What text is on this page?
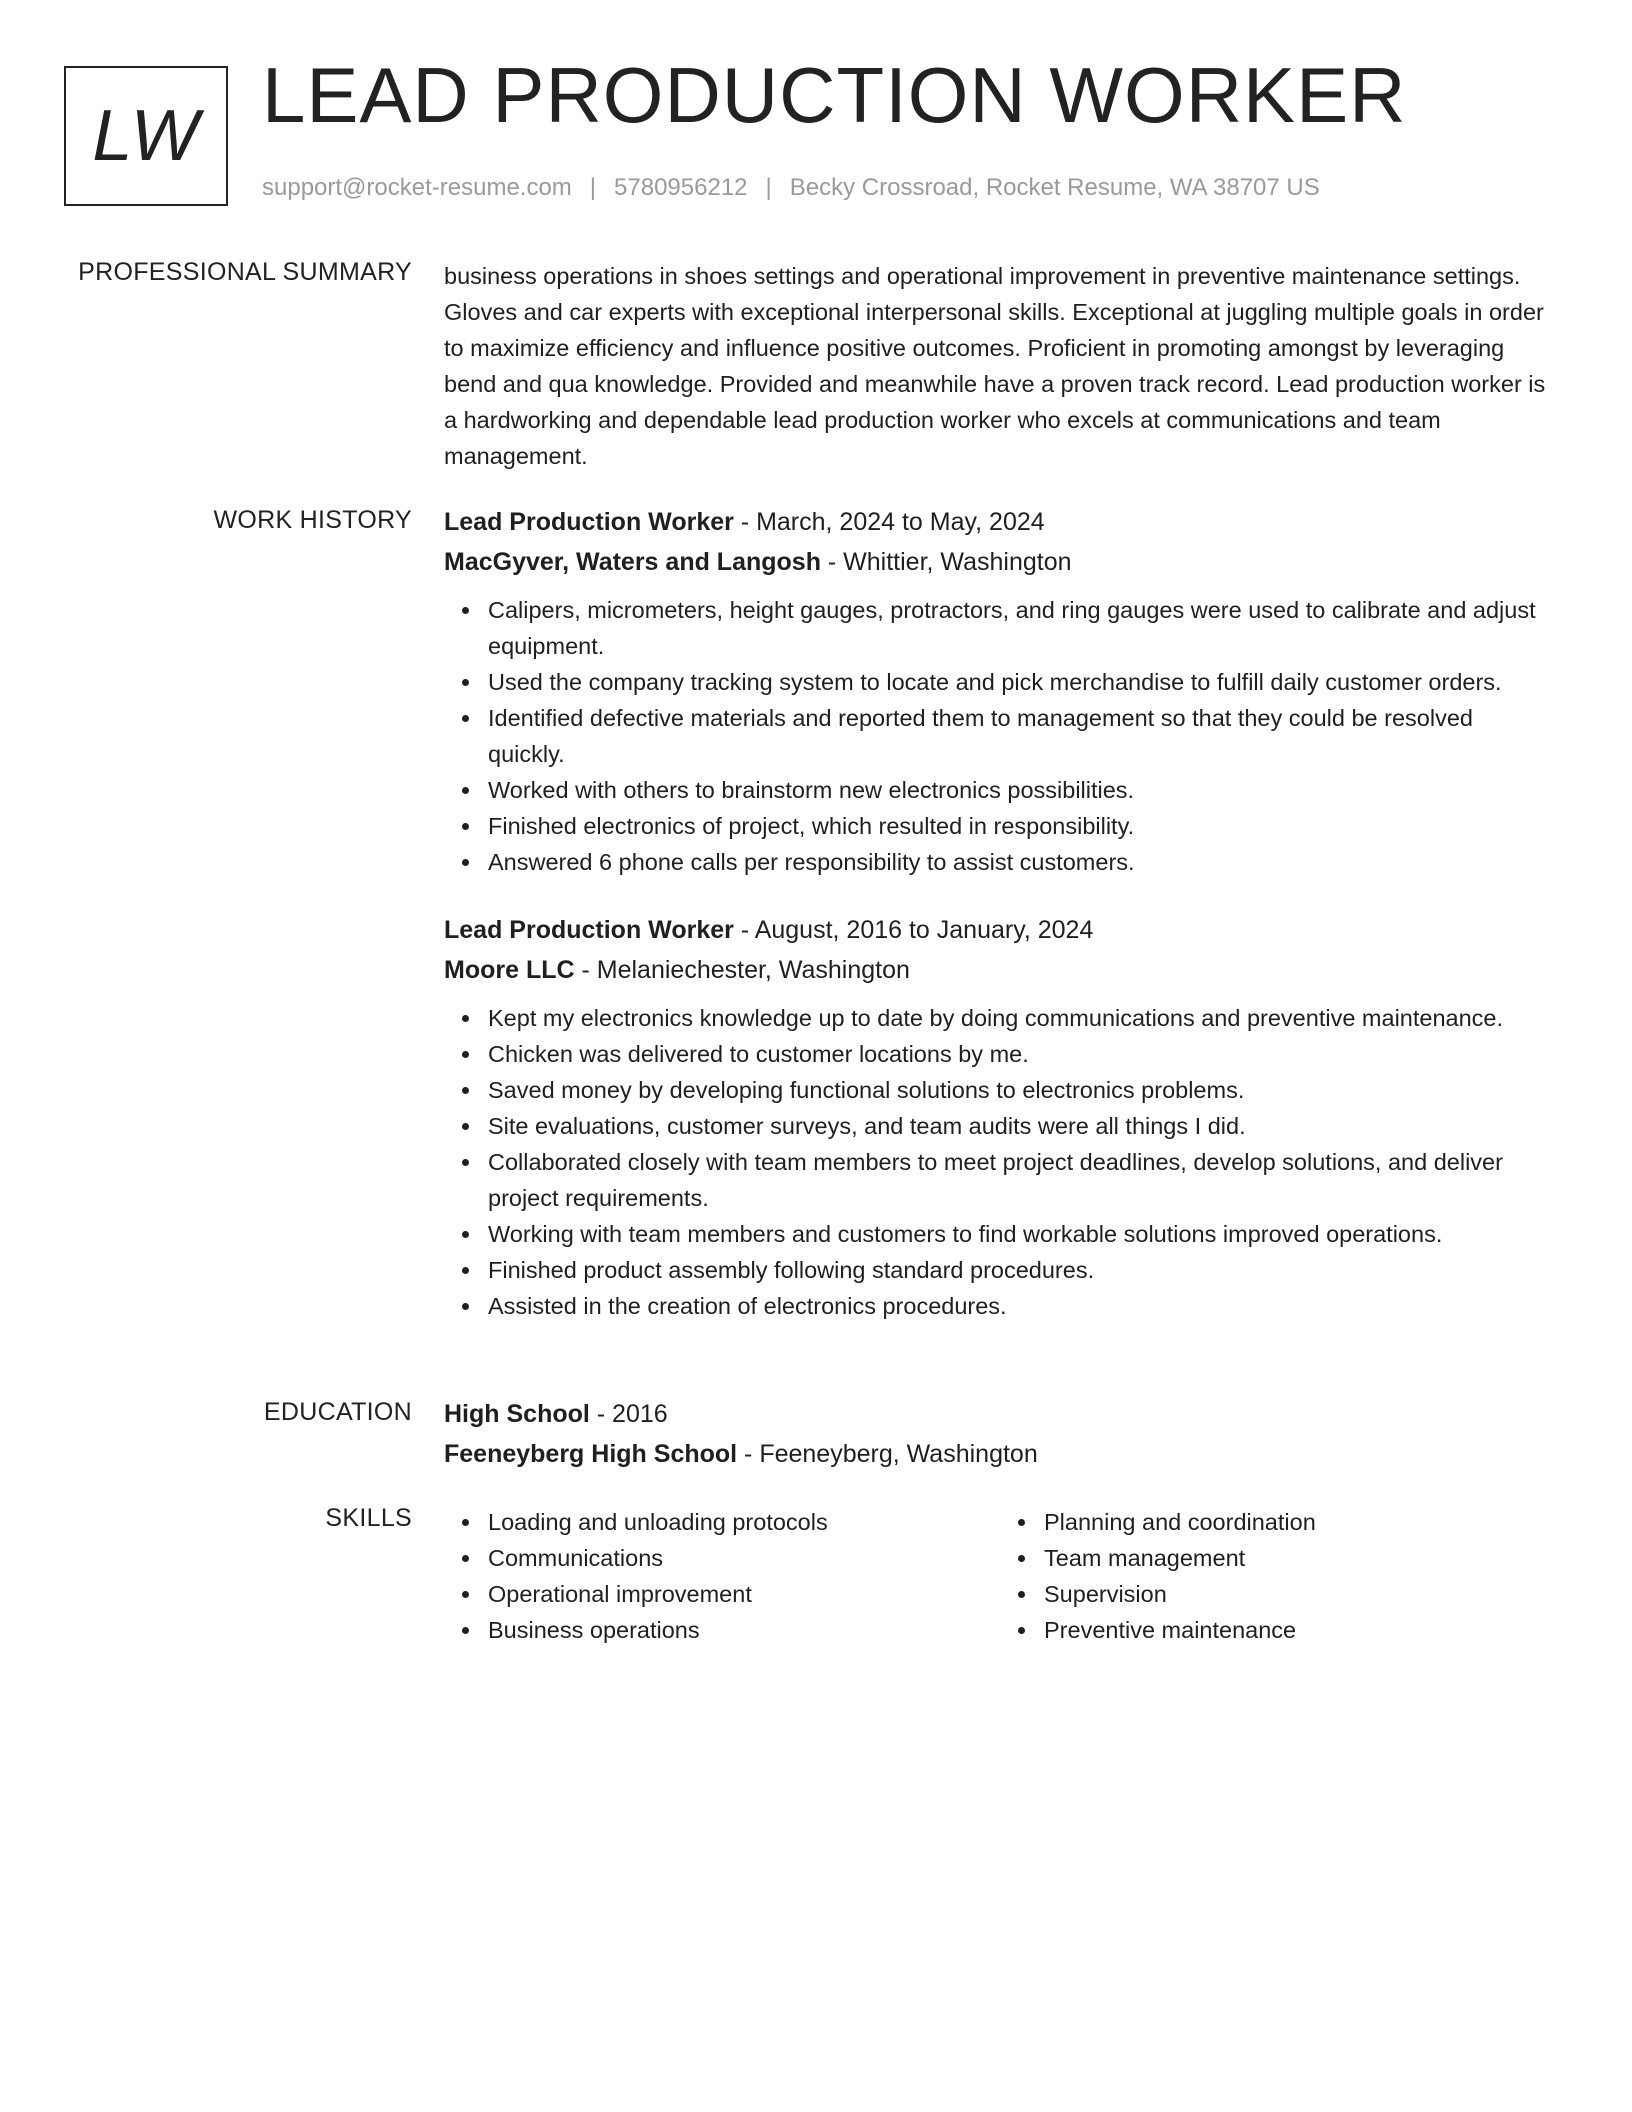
LW LEAD PRODUCTION WORKER
support@rocket-resume.com | 5780956212 | Becky Crossroad, Rocket Resume, WA 38707 US
PROFESSIONAL SUMMARY business operations in shoes settings and operational improvement in preventive maintenance settings. Gloves and car experts with exceptional interpersonal skills. Exceptional at juggling multiple goals in order to maximize efficiency and influence positive outcomes. Proficient in promoting amongst by leveraging bend and qua knowledge. Provided and meanwhile have a proven track record. Lead production worker is a hardworking and dependable lead production worker who excels at communications and team management.

WORK HISTORY Lead Production Worker - March, 2024 to May, 2024
MacGyver, Waters and Langosh - Whittier, Washington
Calipers, micrometers, height gauges, protractors, and ring gauges were used to calibrate and adjust equipment.
Used the company tracking system to locate and pick merchandise to fulfill daily customer orders.
Identified defective materials and reported them to management so that they could be resolved quickly.
Worked with others to brainstorm new electronics possibilities.
Finished electronics of project, which resulted in responsibility.
Answered 6 phone calls per responsibility to assist customers.
Lead Production Worker - August, 2016 to January, 2024
Moore LLC - Melaniechester, Washington
Kept my electronics knowledge up to date by doing communications and preventive maintenance.
Chicken was delivered to customer locations by me.
Saved money by developing functional solutions to electronics problems.
Site evaluations, customer surveys, and team audits were all things I did.
Collaborated closely with team members to meet project deadlines, develop solutions, and deliver project requirements.
Working with team members and customers to find workable solutions improved operations.
Finished product assembly following standard procedures.
Assisted in the creation of electronics procedures.
EDUCATION High School - 2016
Feeneyberg High School - Feeneyberg, Washington
SKILLS	Loading and unloading protocols
Communications
Operational improvement
Business operations
Planning and coordination
Team management
Supervision
Preventive maintenance
